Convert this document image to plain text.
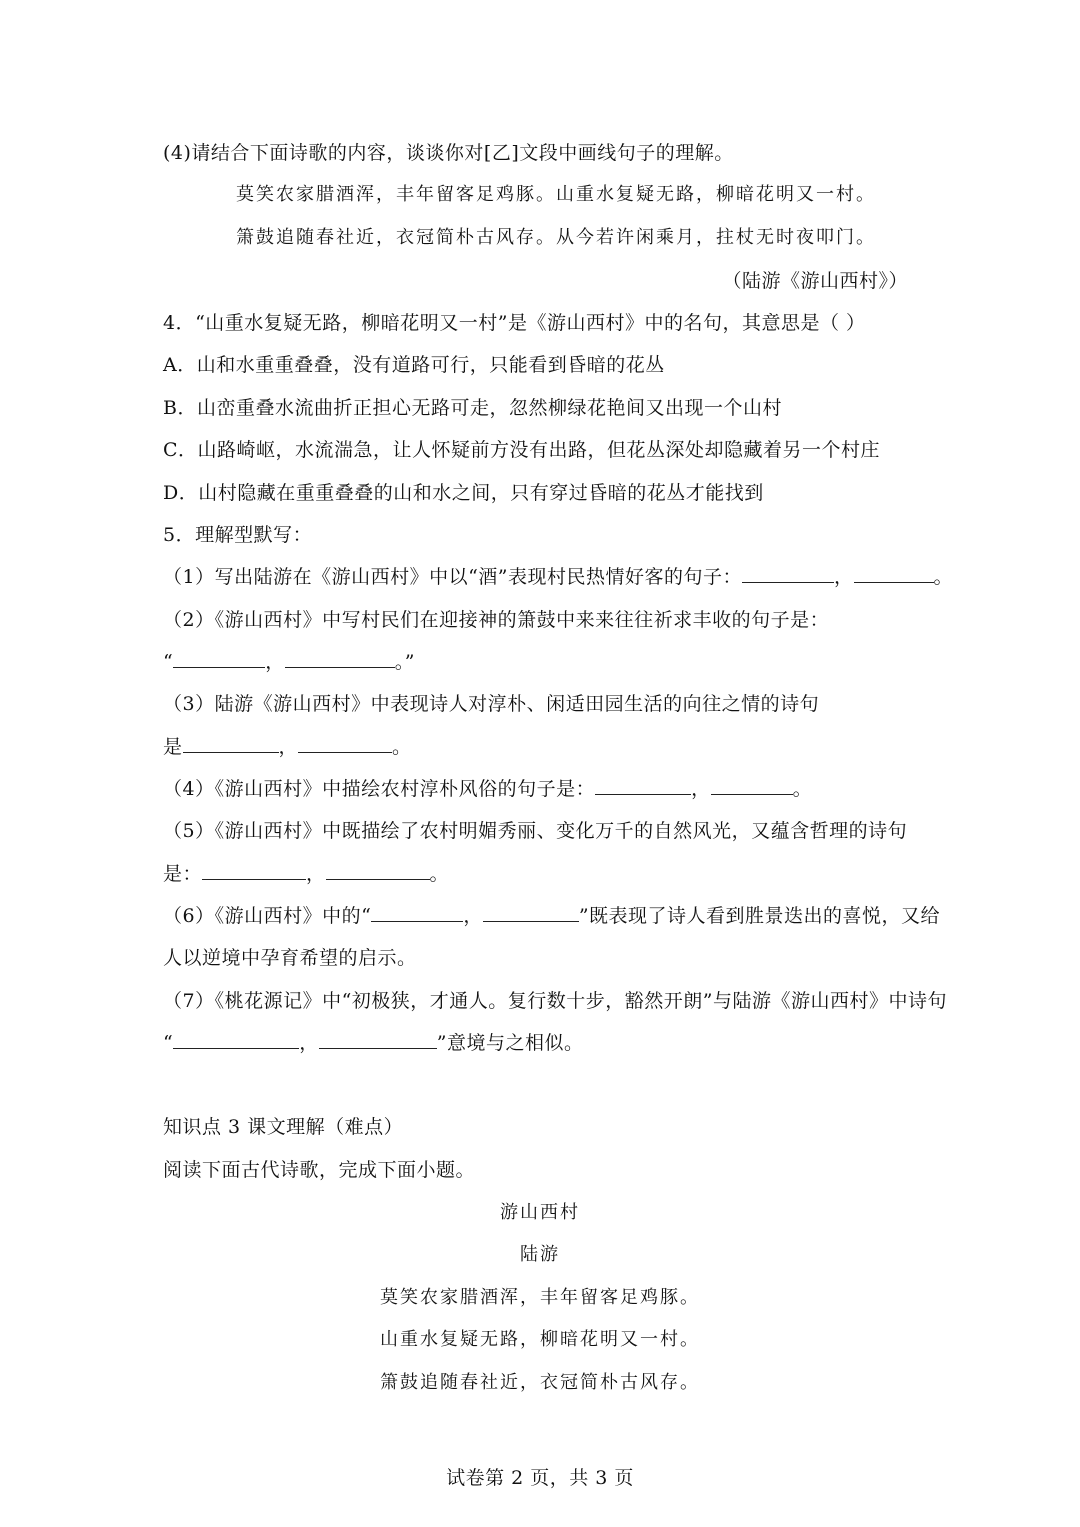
(4)请结合下面诗歌的内容，谈谈你对[乙]文段中画线句子的理解。
莫笑农家腊酒浑，丰年留客足鸡豚。山重水复疑无路，柳暗花明又一村。
箫鼓追随春社近，衣冠简朴古风存。从今若许闲乘月，拄杖无时夜叩门。
（陆游《游山西村》）
4．“山重水复疑无路，柳暗花明又一村”是《游山西村》中的名句，其意思是（ ）
A．山和水重重叠叠，没有道路可行，只能看到昏暗的花丛
B．山峦重叠水流曲折正担心无路可走，忽然柳绿花艳间又出现一个山村
C．山路崎岖，水流湍急，让人怀疑前方没有出路，但花丛深处却隐藏着另一个村庄
D．山村隐藏在重重叠叠的山和水之间，只有穿过昏暗的花丛才能找到
5．理解型默写：
（1）写出陆游在《游山西村》中以“酒”表现村民热情好客的句子：	，	。
（2）《游山西村》中写村民们在迎接神的箫鼓中来来往往祈求丰收的句子是：
“	，	。”
（3）陆游《游山西村》中表现诗人对淳朴、闲适田园生活的向往之情的诗句
是	，	。
（4）《游山西村》中描绘农村淳朴风俗的句子是：	，	。
（5）《游山西村》中既描绘了农村明媚秀丽、变化万千的自然风光，又蕴含哲理的诗句
是：	，	。
（6）《游山西村》中的“	，	”既表现了诗人看到胜景迭出的喜悦，又给
人以逆境中孕育希望的启示。
（7）《桃花源记》中“初极狭，才通人。复行数十步，豁然开朗”与陆游《游山西村》中诗句
“	，	”意境与之相似。
知识点 3 课文理解（难点）
阅读下面古代诗歌，完成下面小题。
游山西村
陆游
莫笑农家腊酒浑，丰年留客足鸡豚。
山重水复疑无路，柳暗花明又一村。
箫鼓追随春社近，衣冠简朴古风存。
试卷第 2 页，共 3 页
